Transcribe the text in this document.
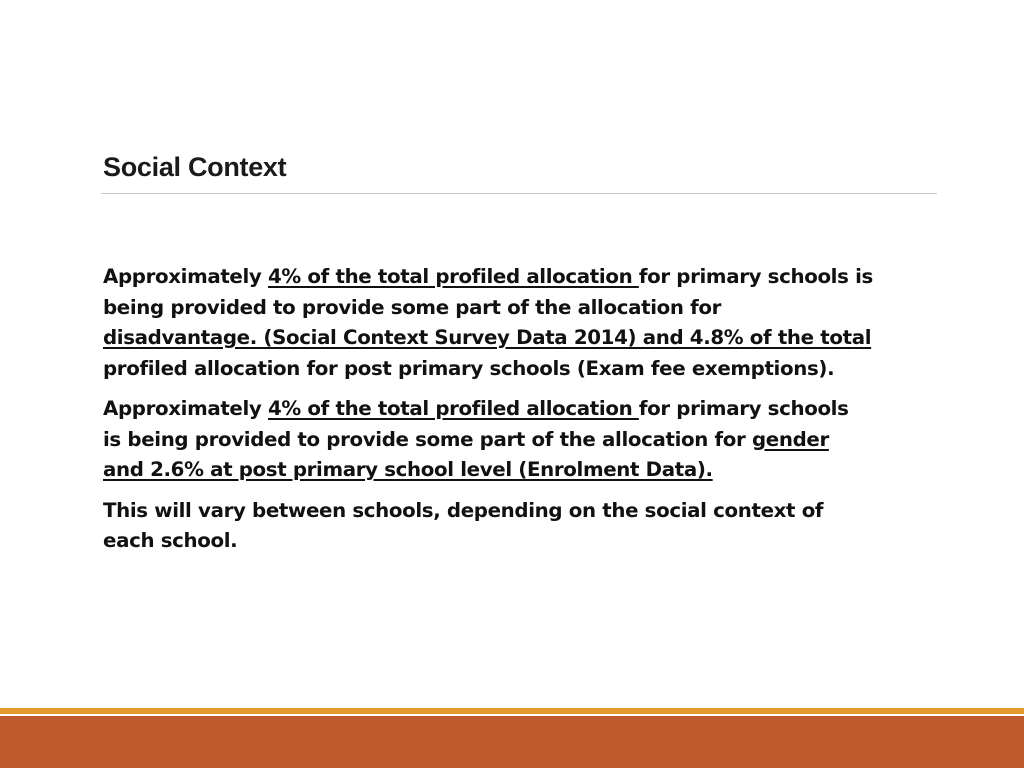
Social Context

Approximately 4% of the total profiled allocation for primary schools is
being provided to provide some part of the allocation for
disadvantage. (Social Context Survey Data 2014) and 4.8% of the total
profiled allocation for post primary schools (Exam fee exemptions).

Approximately 4% of the total profiled allocation for primary schools
is being provided to provide some part of the allocation for gender
and 2.6% at post primary school level (Enrolment Data).

This will vary between schools, depending on the social context of
each school.
